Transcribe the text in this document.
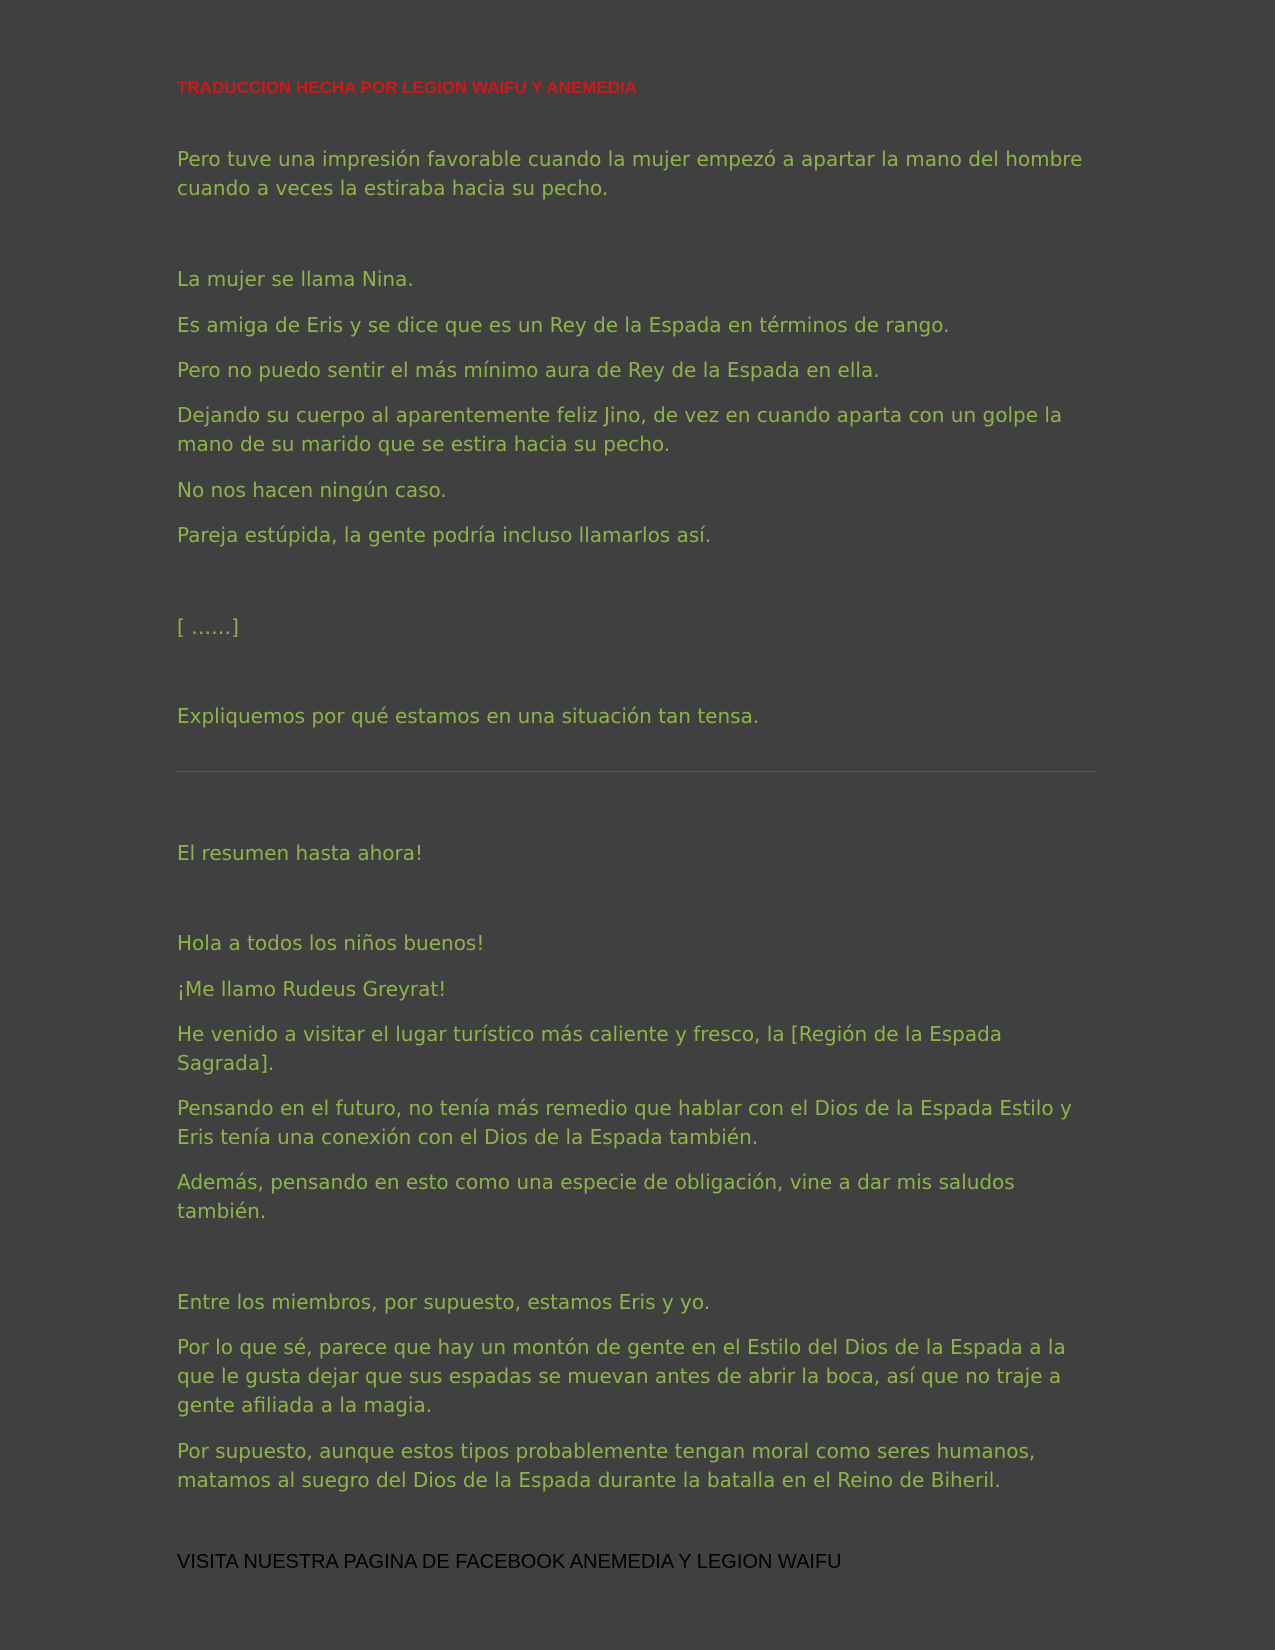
TRADUCCION HECHA POR LEGION WAIFU Y ANEMEDIA

Pero tuve una impresión favorable cuando la mujer empezó a apartar la mano del hombre cuando a veces la estiraba hacia su pecho.

La mujer se llama Nina.

Es amiga de Eris y se dice que es un Rey de la Espada en términos de rango.

Pero no puedo sentir el más mínimo aura de Rey de la Espada en ella.

Dejando su cuerpo al aparentemente feliz Jino, de vez en cuando aparta con un golpe la mano de su marido que se estira hacia su pecho.

No nos hacen ningún caso.

Pareja estúpida, la gente podría incluso llamarlos así.

[ ……]

Expliquemos por qué estamos en una situación tan tensa.

El resumen hasta ahora!

Hola a todos los niños buenos!

¡Me llamo Rudeus Greyrat!

He venido a visitar el lugar turístico más caliente y fresco, la [Región de la Espada Sagrada].

Pensando en el futuro, no tenía más remedio que hablar con el Dios de la Espada Estilo y Eris tenía una conexión con el Dios de la Espada también.

Además, pensando en esto como una especie de obligación, vine a dar mis saludos también.

Entre los miembros, por supuesto, estamos Eris y yo.

Por lo que sé, parece que hay un montón de gente en el Estilo del Dios de la Espada a la que le gusta dejar que sus espadas se muevan antes de abrir la boca, así que no traje a gente afiliada a la magia.

Por supuesto, aunque estos tipos probablemente tengan moral como seres humanos, matamos al suegro del Dios de la Espada durante la batalla en el Reino de Biheril.

VISITA NUESTRA PAGINA DE FACEBOOK ANEMEDIA Y LEGION WAIFU
